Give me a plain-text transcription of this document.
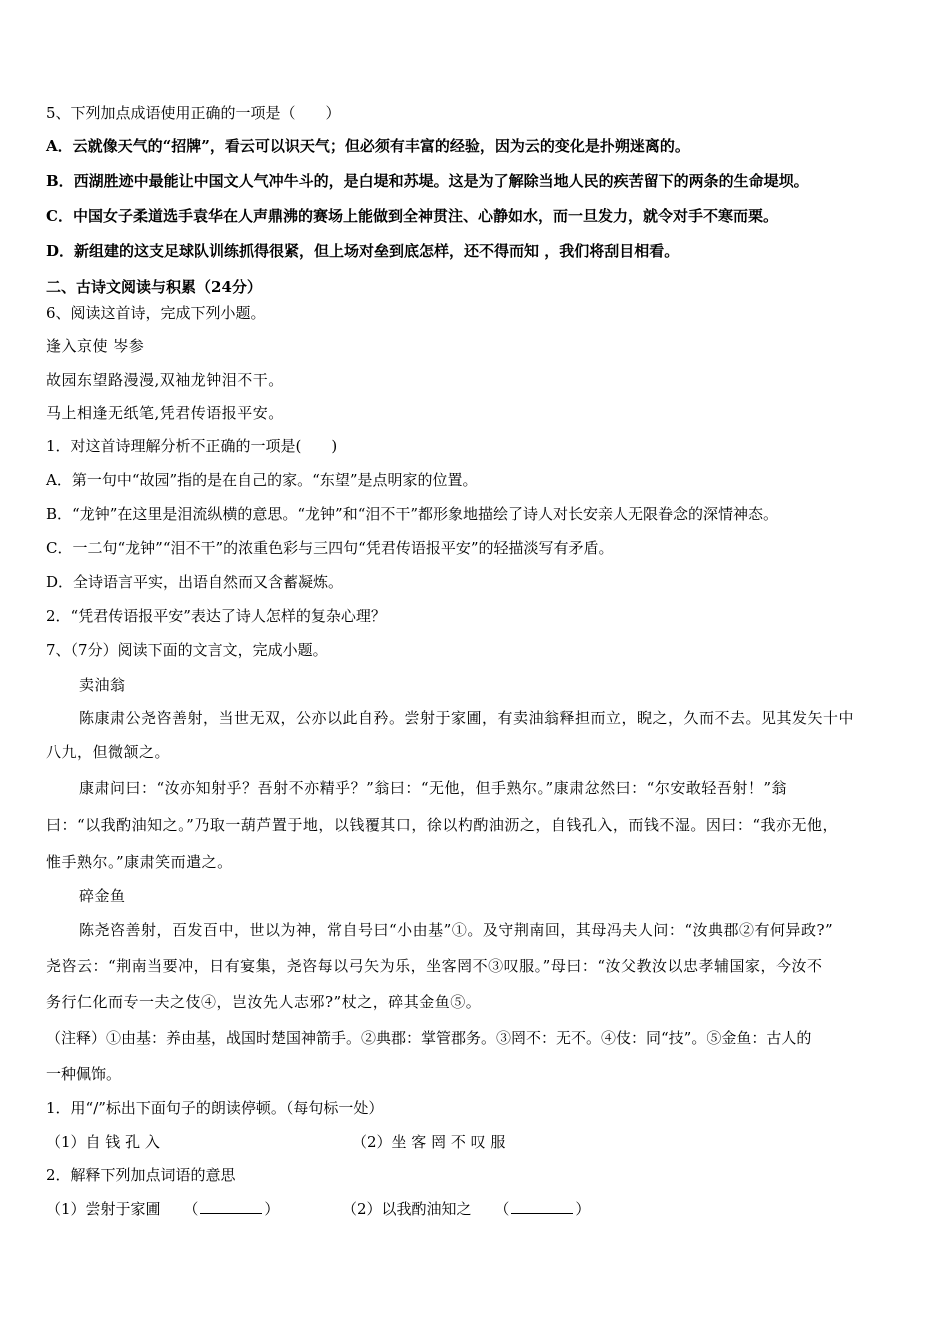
5、下列加点成语使用正确的一项是（　　）
A．云就像天气的“招牌”，看云可以识天气；但必须有丰富的经验，因为云的变化是扑朔迷离的。
B．西湖胜迹中最能让中国文人气冲牛斗的，是白堤和苏堤。这是为了解除当地人民的疾苦留下的两条的生命堤坝。
C．中国女子柔道选手袁华在人声鼎沸的赛场上能做到全神贯注、心静如水，而一旦发力，就令对手不寒而栗。
D．新组建的这支足球队训练抓得很紧，但上场对垒到底怎样，还不得而知 ，我们将刮目相看。
二、古诗文阅读与积累（24分）
6、阅读这首诗，完成下列小题。
逢入京使 岑参
故园东望路漫漫,双袖龙钟泪不干。
马上相逢无纸笔,凭君传语报平安。
1．对这首诗理解分析不正确的一项是(　　)
A．第一句中“故园”指的是在自己的家。“东望”是点明家的位置。
B．“龙钟”在这里是泪流纵横的意思。“龙钟”和“泪不干”都形象地描绘了诗人对长安亲人无限眷念的深情神态。
C．一二句“龙钟”“泪不干”的浓重色彩与三四句“凭君传语报平安”的轻描淡写有矛盾。
D．全诗语言平实，出语自然而又含蓄凝炼。
2．“凭君传语报平安”表达了诗人怎样的复杂心理？
7、（7分）阅读下面的文言文，完成小题。
卖油翁
陈康肃公尧咨善射，当世无双，公亦以此自矜。尝射于家圃，有卖油翁释担而立，睨之，久而不去。见其发矢十中
八九，但微颔之。
康肃问曰：“汝亦知射乎？吾射不亦精乎？”翁曰：“无他，但手熟尔。”康肃忿然曰：“尔安敢轻吾射！”翁
曰：“以我酌油知之。”乃取一葫芦置于地，以钱覆其口，徐以杓酌油沥之，自钱孔入，而钱不湿。因曰：“我亦无他，
惟手熟尔。”康肃笑而遣之。
碎金鱼
陈尧咨善射，百发百中，世以为神，常自号曰“小由基”①。及守荆南回，其母冯夫人问：“汝典郡②有何异政?”
尧咨云：“荆南当要冲，日有宴集，尧咨每以弓矢为乐，坐客罔不③叹服。”母曰：“汝父教汝以忠孝辅国家，今汝不
务行仁化而专一夫之伎④，岂汝先人志邪?”杖之，碎其金鱼⑤。
（注释）①由基：养由基，战国时楚国神箭手。②典郡：掌管郡务。③罔不：无不。④伎：同“技”。⑤金鱼：古人的
一种佩饰。
1．用“/”标出下面句子的朗读停顿。（每句标一处）
（1）自 钱 孔 入	（2）坐 客 罔 不 叹 服
2．解释下列加点词语的意思
（1）尝射于家圃 （	）	（2）以我酌油知之 （	）
